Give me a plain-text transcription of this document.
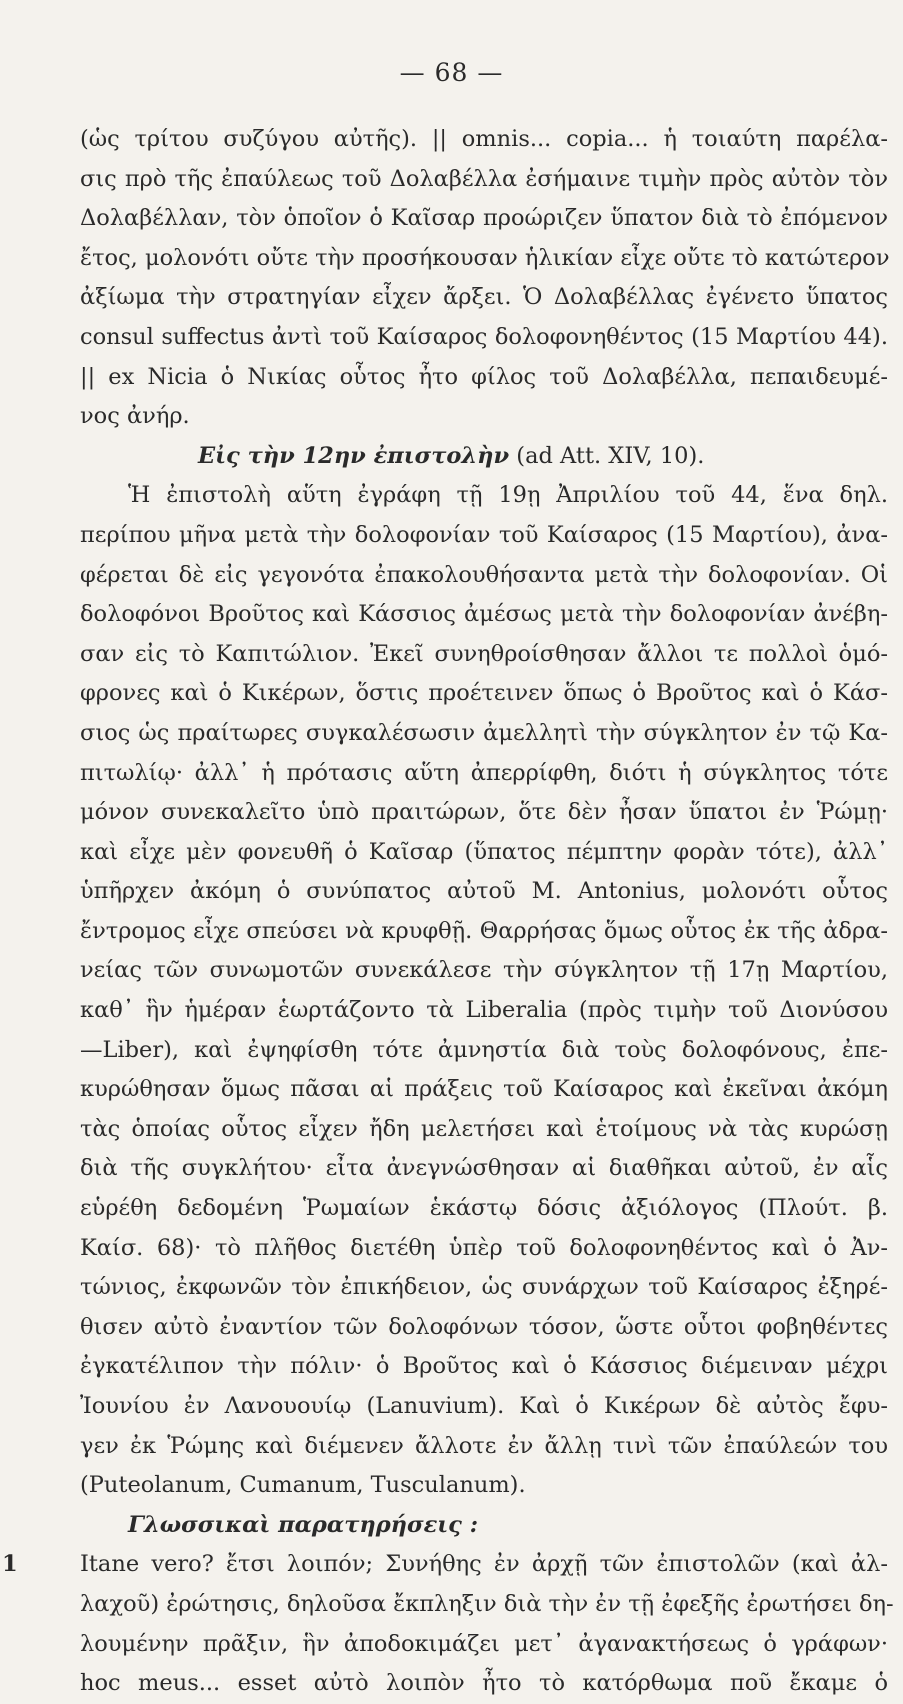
— 68 —
(ὡς τρίτου συζύγου αὐτῆς). || omnis... copia... ἡ τοιαύτη παρέλα-
σις πρὸ τῆς ἐπαύλεως τοῦ Δολαβέλλα ἐσήμαινε τιμὴν πρὸς αὐτὸν τὸν
Δολαβέλλαν, τὸν ὁποῖον ὁ Καῖσαρ προώριζεν ὕπατον διὰ τὸ ἐπόμενον
ἔτος, μολονότι οὔτε τὴν προσήκουσαν ἡλικίαν εἶχε οὔτε τὸ κατώτερον
ἀξίωμα τὴν στρατηγίαν εἶχεν ἄρξει. Ὁ Δολαβέλλας ἐγένετο ὕπατος
consul suffectus ἀντὶ τοῦ Καίσαρος δολοφονηθέντος (15 Μαρτίου 44).
|| ex Nicia ὁ Νικίας οὗτος ἦτο φίλος τοῦ Δολαβέλλα, πεπαιδευμέ-
νος ἀνήρ.
Εἰς τὴν 12ην ἐπιστολὴν (ad Att. XIV, 10).
Ἡ ἐπιστολὴ αὕτη ἐγράφη τῇ 19ῃ Ἀπριλίου τοῦ 44, ἕνα δηλ.
περίπου μῆνα μετὰ τὴν δολοφονίαν τοῦ Καίσαρος (15 Μαρτίου), ἀνα-
φέρεται δὲ εἰς γεγονότα ἐπακολουθήσαντα μετὰ τὴν δολοφονίαν. Οἱ
δολοφόνοι Βροῦτος καὶ Κάσσιος ἀμέσως μετὰ τὴν δολοφονίαν ἀνέβη-
σαν εἰς τὸ Καπιτώλιον. Ἐκεῖ συνηθροίσθησαν ἄλλοι τε πολλοὶ ὁμό-
φρονες καὶ ὁ Κικέρων, ὅστις προέτεινεν ὅπως ὁ Βροῦτος καὶ ὁ Κάσ-
σιος ὡς πραίτωρες συγκαλέσωσιν ἀμελλητὶ τὴν σύγκλητον ἐν τῷ Κα-
πιτωλίῳ· ἀλλ᾽ ἡ πρότασις αὕτη ἀπερρίφθη, διότι ἡ σύγκλητος τότε
μόνον συνεκαλεῖτο ὑπὸ πραιτώρων, ὅτε δὲν ἦσαν ὕπατοι ἐν Ῥώμῃ·
καὶ εἶχε μὲν φονευθῆ ὁ Καῖσαρ (ὕπατος πέμπτην φορὰν τότε), ἀλλ᾽
ὑπῆρχεν ἀκόμη ὁ συνύπατος αὐτοῦ M. Antonius, μολονότι οὗτος
ἔντρομος εἶχε σπεύσει νὰ κρυφθῇ. Θαρρήσας ὅμως οὗτος ἐκ τῆς ἀδρα-
νείας τῶν συνωμοτῶν συνεκάλεσε τὴν σύγκλητον τῇ 17ῃ Μαρτίου,
καθ᾽ ἣν ἡμέραν ἑωρτάζοντο τὰ Liberalia (πρὸς τιμὴν τοῦ Διονύσου
—Liber), καὶ ἐψηφίσθη τότε ἀμνηστία διὰ τοὺς δολοφόνους, ἐπε-
κυρώθησαν ὅμως πᾶσαι αἱ πράξεις τοῦ Καίσαρος καὶ ἐκεῖναι ἀκόμη
τὰς ὁποίας οὗτος εἶχεν ἤδη μελετήσει καὶ ἑτοίμους νὰ τὰς κυρώσῃ
διὰ τῆς συγκλήτου· εἶτα ἀνεγνώσθησαν αἱ διαθῆκαι αὐτοῦ, ἐν αἷς
εὑρέθη δεδομένη Ῥωμαίων ἑκάστῳ δόσις ἀξιόλογος (Πλούτ. β.
Καίσ. 68)· τὸ πλῆθος διετέθη ὑπὲρ τοῦ δολοφονηθέντος καὶ ὁ Ἀν-
τώνιος, ἐκφωνῶν τὸν ἐπικήδειον, ὡς συνάρχων τοῦ Καίσαρος ἐξηρέ-
θισεν αὐτὸ ἐναντίον τῶν δολοφόνων τόσον, ὥστε οὗτοι φοβηθέντες
ἐγκατέλιπον τὴν πόλιν· ὁ Βροῦτος καὶ ὁ Κάσσιος διέμειναν μέχρι
Ἰουνίου ἐν Λανουουίῳ (Lanuvium). Καὶ ὁ Κικέρων δὲ αὐτὸς ἔφυ-
γεν ἐκ Ῥώμης καὶ διέμενεν ἄλλοτε ἐν ἄλλῃ τινὶ τῶν ἐπαύλεών του
(Puteolanum, Cumanum, Tusculanum).
Γλωσσικαὶ παρατηρήσεις :
1	Itane vero? ἔτσι λοιπόν; Συνήθης ἐν ἀρχῇ τῶν ἐπιστολῶν (καὶ ἀλ-
λαχοῦ) ἐρώτησις, δηλοῦσα ἔκπληξιν διὰ τὴν ἐν τῇ ἐφεξῆς ἐρωτήσει δη-
λουμένην πρᾶξιν, ἣν ἀποδοκιμάζει μετ᾽ ἀγανακτήσεως ὁ γράφων·
hoc meus... esset αὐτὸ λοιπὸν ἦτο τὸ κατόρθωμα ποῦ ἔκαμε ὁ
